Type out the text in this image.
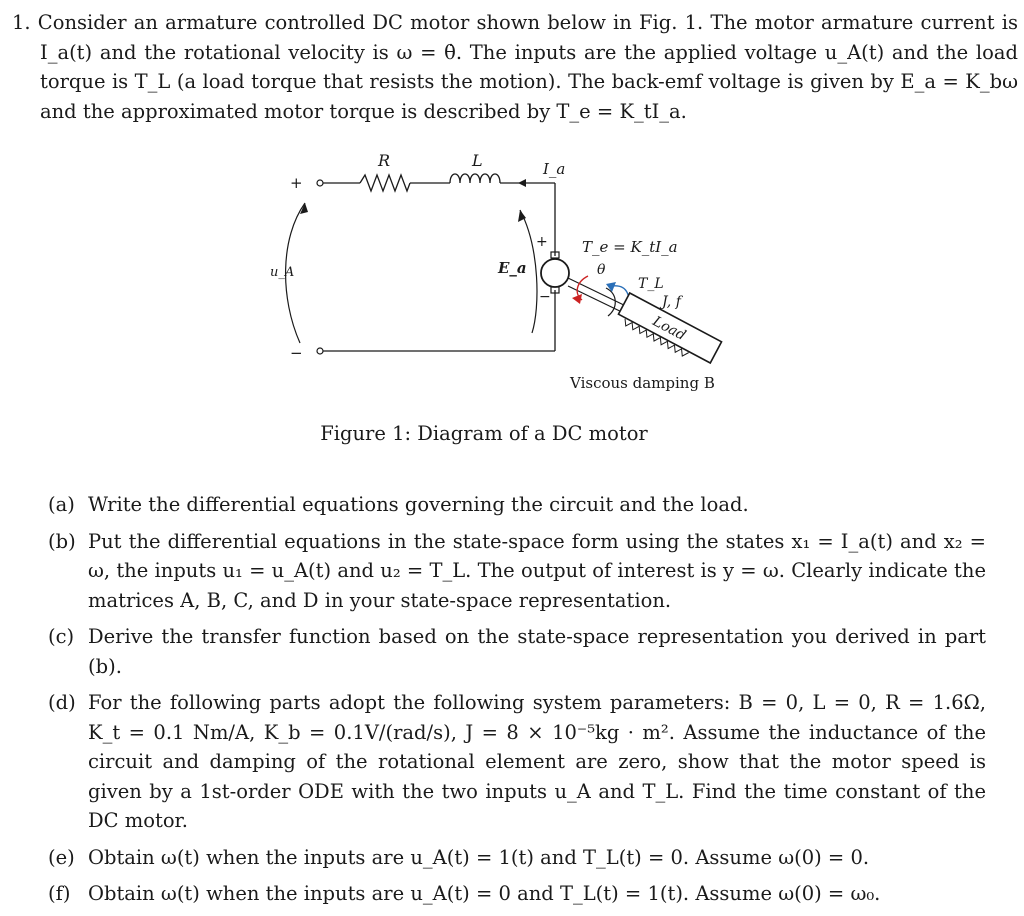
1. Consider an armature controlled DC motor shown below in Fig. 1. The motor armature current is I_a(t) and the rotational velocity is ω = θ̇. The inputs are the applied voltage u_A(t) and the load torque is T_L (a load torque that resists the motion). The back-emf voltage is given by E_a = K_bω and the approximated motor torque is described by T_e = K_tI_a.
+
−
R	L	I_a
u_A	E_a
+
−
T_e = K_tI_a
θ
T_L
J, f
Load
Viscous damping B
Figure 1: Diagram of a DC motor
(a) Write the differential equations governing the circuit and the load.
(b) Put the differential equations in the state-space form using the states x₁ = I_a(t) and x₂ = ω, the inputs u₁ = u_A(t) and u₂ = T_L. The output of interest is y = ω. Clearly indicate the matrices A, B, C, and D in your state-space representation.
(c) Derive the transfer function based on the state-space representation you derived in part (b).
(d) For the following parts adopt the following system parameters: B = 0, L = 0, R = 1.6Ω, K_t = 0.1 Nm/A, K_b = 0.1V/(rad/s), J = 8 × 10⁻⁵kg · m². Assume the inductance of the circuit and damping of the rotational element are zero, show that the motor speed is given by a 1st-order ODE with the two inputs u_A and T_L. Find the time constant of the DC motor.
(e) Obtain ω(t) when the inputs are u_A(t) = 1(t) and T_L(t) = 0. Assume ω(0) = 0.
(f) Obtain ω(t) when the inputs are u_A(t) = 0 and T_L(t) = 1(t). Assume ω(0) = ω₀.
